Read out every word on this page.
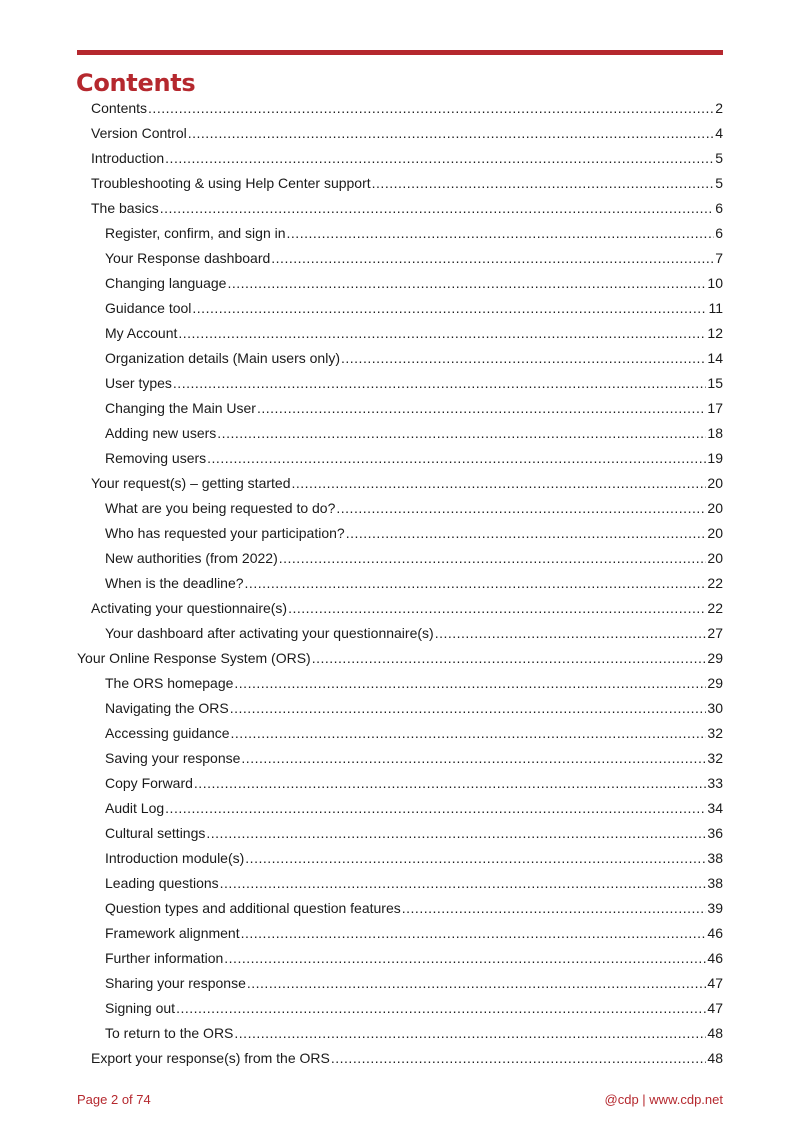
Contents
Contents .....	2
Version Control .....	4
Introduction .....	5
Troubleshooting & using Help Center support .....	5
The basics .....	6
Register, confirm, and sign in .....	6
Your Response dashboard .....	7
Changing language .....	10
Guidance tool .....	11
My Account .....	12
Organization details (Main users only) .....	14
User types .....	15
Changing the Main User .....	17
Adding new users .....	18
Removing users .....	19
Your request(s) – getting started .....	20
What are you being requested to do? .....	20
Who has requested your participation? .....	20
New authorities (from 2022) .....	20
When is the deadline? .....	22
Activating your questionnaire(s) .....	22
Your dashboard after activating your questionnaire(s) .....	27
Your Online Response System (ORS) .....	29
The ORS homepage .....	29
Navigating the ORS .....	30
Accessing guidance .....	32
Saving your response .....	32
Copy Forward .....	33
Audit Log .....	34
Cultural settings .....	36
Introduction module(s) .....	38
Leading questions .....	38
Question types and additional question features .....	39
Framework alignment .....	46
Further information .....	46
Sharing your response .....	47
Signing out .....	47
To return to the ORS .....	48
Export your response(s) from the ORS .....	48
Page 2 of 74	@cdp | www.cdp.net
